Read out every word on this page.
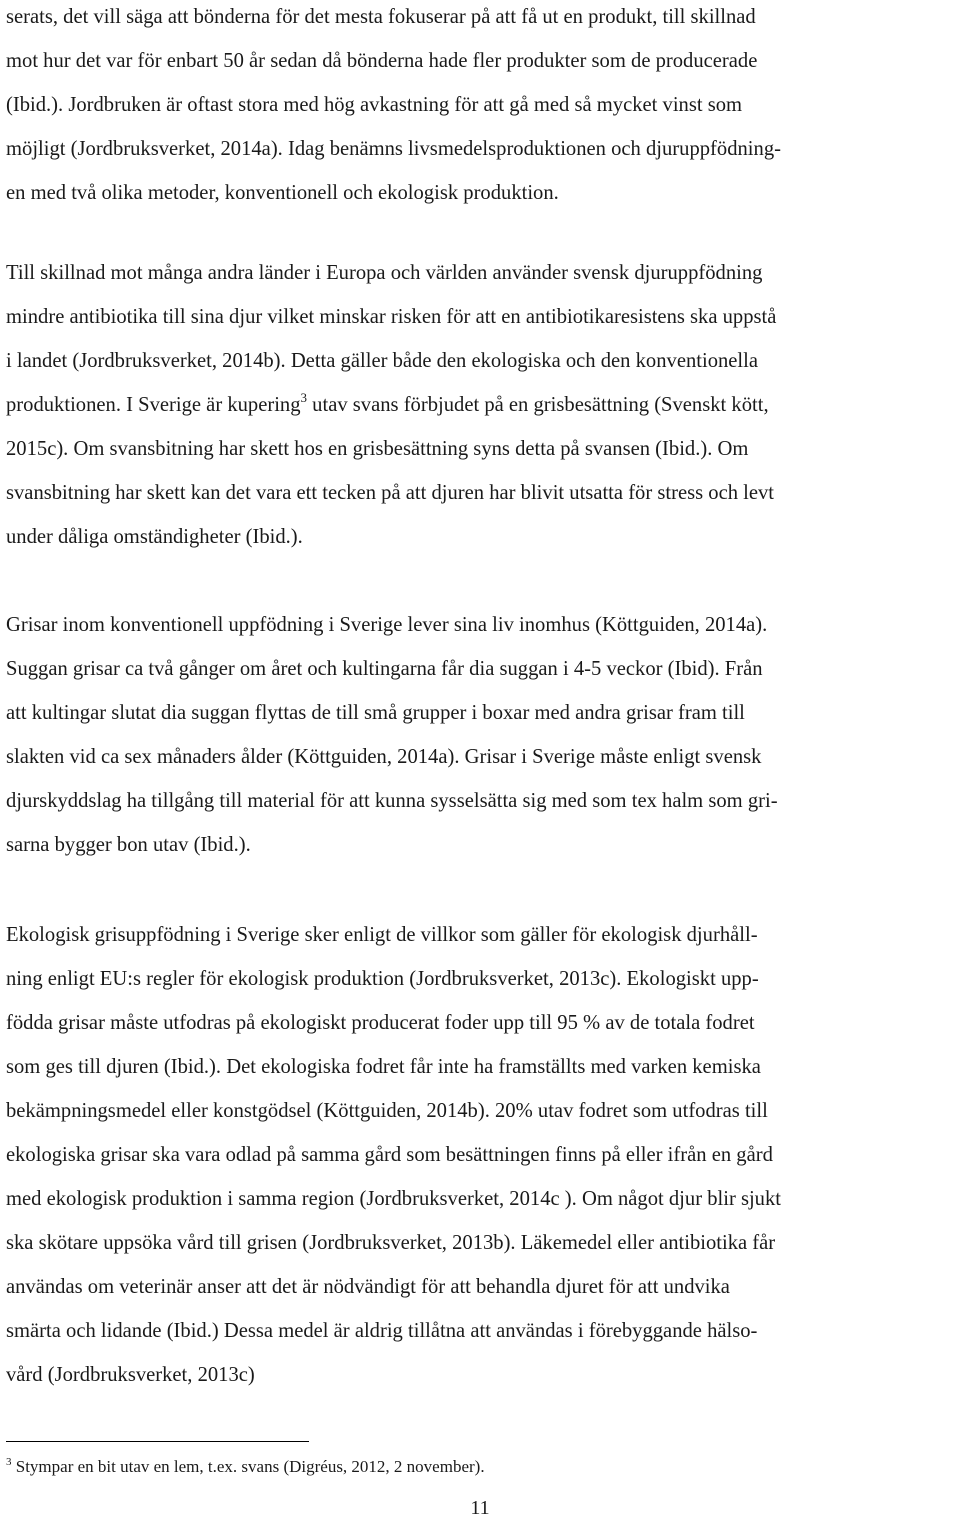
serats, det vill säga att bönderna för det mesta fokuserar på att få ut en produkt, till skillnad
mot hur det var för enbart 50 år sedan då bönderna hade fler produkter som de producerade
(Ibid.). Jordbruken är oftast stora med hög avkastning för att gå med så mycket vinst som
möjligt (Jordbruksverket, 2014a). Idag benämns livsmedelsproduktionen och djuruppfödning-
en med två olika metoder, konventionell och ekologisk produktion.

Till skillnad mot många andra länder i Europa och världen använder svensk djuruppfödning
mindre antibiotika till sina djur vilket minskar risken för att en antibiotikaresistens ska uppstå
i landet (Jordbruksverket, 2014b). Detta gäller både den ekologiska och den konventionella
produktionen. I Sverige är kupering$^3$ utav svans förbjudet på en grisbesättning (Svenskt kött,
2015c). Om svansbitning har skett hos en grisbesättning syns detta på svansen (Ibid.). Om
svansbitning har skett kan det vara ett tecken på att djuren har blivit utsatta för stress och levt
under dåliga omständigheter (Ibid.).

Grisar inom konventionell uppfödning i Sverige lever sina liv inomhus (Köttguiden, 2014a).
Suggan grisar ca två gånger om året och kultingarna får dia suggan i 4-5 veckor (Ibid). Från
att kultingar slutat dia suggan flyttas de till små grupper i boxar med andra grisar fram till
slakten vid ca sex månaders ålder (Köttguiden, 2014a). Grisar i Sverige måste enligt svensk
djurskyddslag ha tillgång till material för att kunna sysselsätta sig med som tex halm som gri-
sarna bygger bon utav (Ibid.).

Ekologisk grisuppfödning i Sverige sker enligt de villkor som gäller för ekologisk djurhåll-
ning enligt EU:s regler för ekologisk produktion (Jordbruksverket, 2013c). Ekologiskt upp-
födda grisar måste utfodras på ekologiskt producerat foder upp till 95 % av de totala fodret
som ges till djuren (Ibid.). Det ekologiska fodret får inte ha framställts med varken kemiska
bekämpningsmedel eller konstgödsel (Köttguiden, 2014b). 20% utav fodret som utfodras till
ekologiska grisar ska vara odlad på samma gård som besättningen finns på eller ifrån en gård
med ekologisk produktion i samma region (Jordbruksverket, 2014c ). Om något djur blir sjukt
ska skötare uppsöka vård till grisen (Jordbruksverket, 2013b). Läkemedel eller antibiotika får
användas om veterinär anser att det är nödvändigt för att behandla djuret för att undvika
smärta och lidande (Ibid.) Dessa medel är aldrig tillåtna att användas i förebyggande hälso-
vård (Jordbruksverket, 2013c)

$^3$ Stympar en bit utav en lem, t.ex. svans (Digréus, 2012, 2 november).
11
